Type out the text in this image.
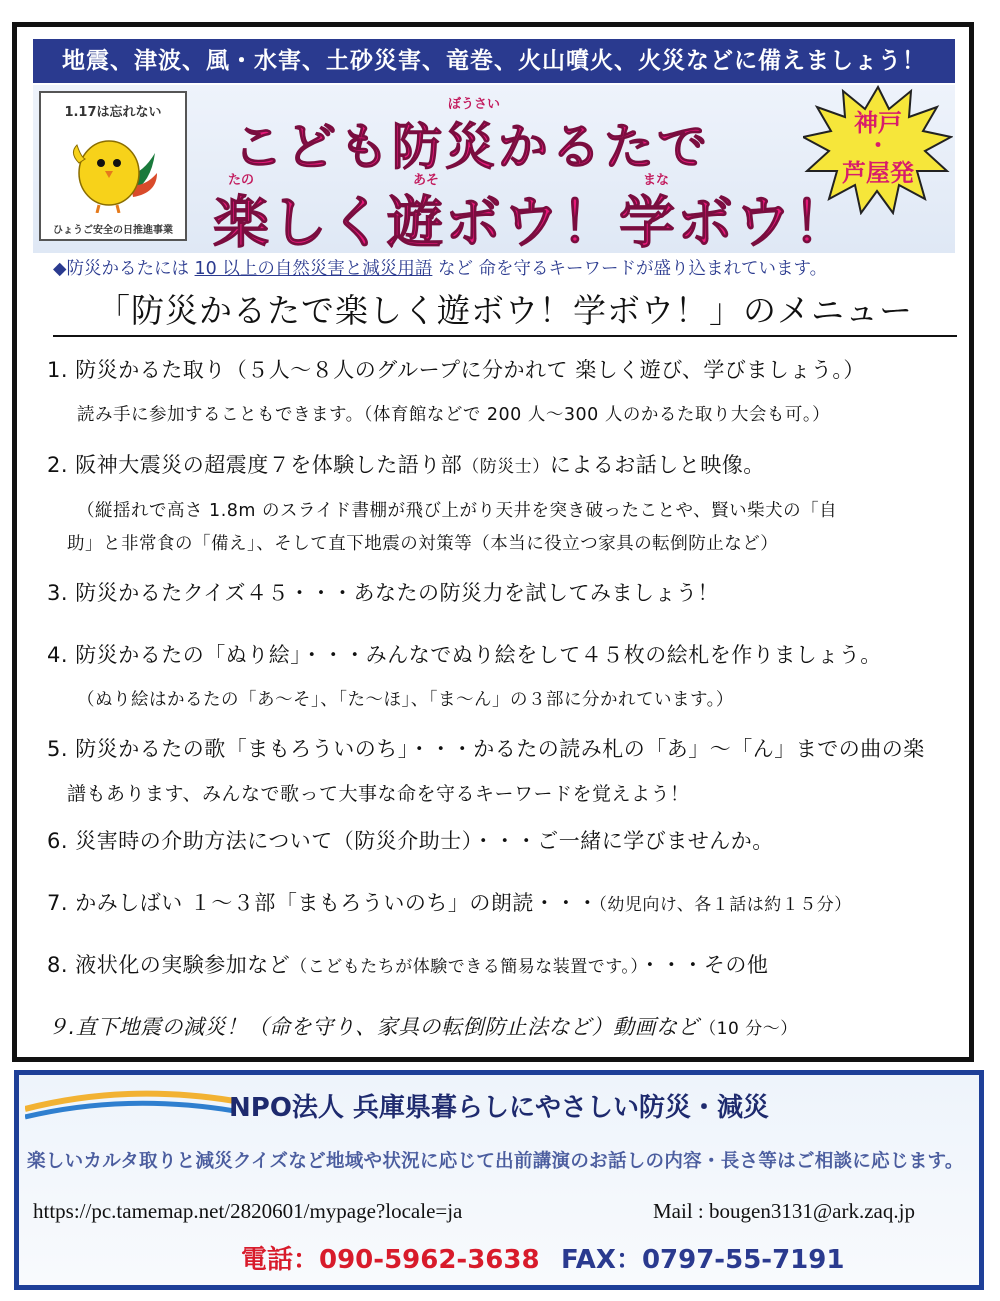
地震、津波、風・水害、土砂災害、竜巻、火山噴火、火災などに備えましょう！
1.17は忘れない
ひょうご安全の日推進事業
ぼうさい
こども防災かるたで
たの	あそ	まな
楽しく遊ボウ！学ボウ！
神戸
・
芦屋発
◆防災かるたには 10 以上の自然災害と減災用語 など 命を守るキーワードが盛り込まれています。
「防災かるたで楽しく遊ボウ！学ボウ！」のメニュー
1. 防災かるた取り（５人～８人のグループに分かれて 楽しく遊び、学びましょう。）
読み手に参加することもできます。（体育館などで 200 人～300 人のかるた取り大会も可。）
2. 阪神大震災の超震度７を体験した語り部（防災士）によるお話しと映像。
（縦揺れで高さ 1.8m のスライド書棚が飛び上がり天井を突き破ったことや、賢い柴犬の「自
助」と非常食の「備え」、そして直下地震の対策等（本当に役立つ家具の転倒防止など）
3. 防災かるたクイズ４５・・・あなたの防災力を試してみましょう！
4. 防災かるたの「ぬり絵」・・・みんなでぬり絵をして４５枚の絵札を作りましょう。
（ぬり絵はかるたの「あ～そ」、「た～ほ」、「ま～ん」の３部に分かれています。）
5. 防災かるたの歌「まもろういのち」・・・かるたの読み札の「あ」～「ん」までの曲の楽
譜もあります、みんなで歌って大事な命を守るキーワードを覚えよう！
6. 災害時の介助方法について（防災介助士）・・・ご一緒に学びませんか。
7. かみしばい １～３部「まもろういのち」の朗読・・・（幼児向け、各１話は約１５分）
8. 液状化の実験参加など（こどもたちが体験できる簡易な装置です。）・・・その他
９.直下地震の減災！（命を守り、家具の転倒防止法など）動画など（10 分～）
NPO法人 兵庫県暮らしにやさしい防災・減災
楽しいカルタ取りと減災クイズなど地域や状況に応じて出前講演のお話しの内容・長さ等はご相談に応じます。
https://pc.tamemap.net/2820601/mypage?locale=ja	Mail : bougen3131@ark.zaq.jp
電話：090-5962-3638 FAX：0797-55-7191
